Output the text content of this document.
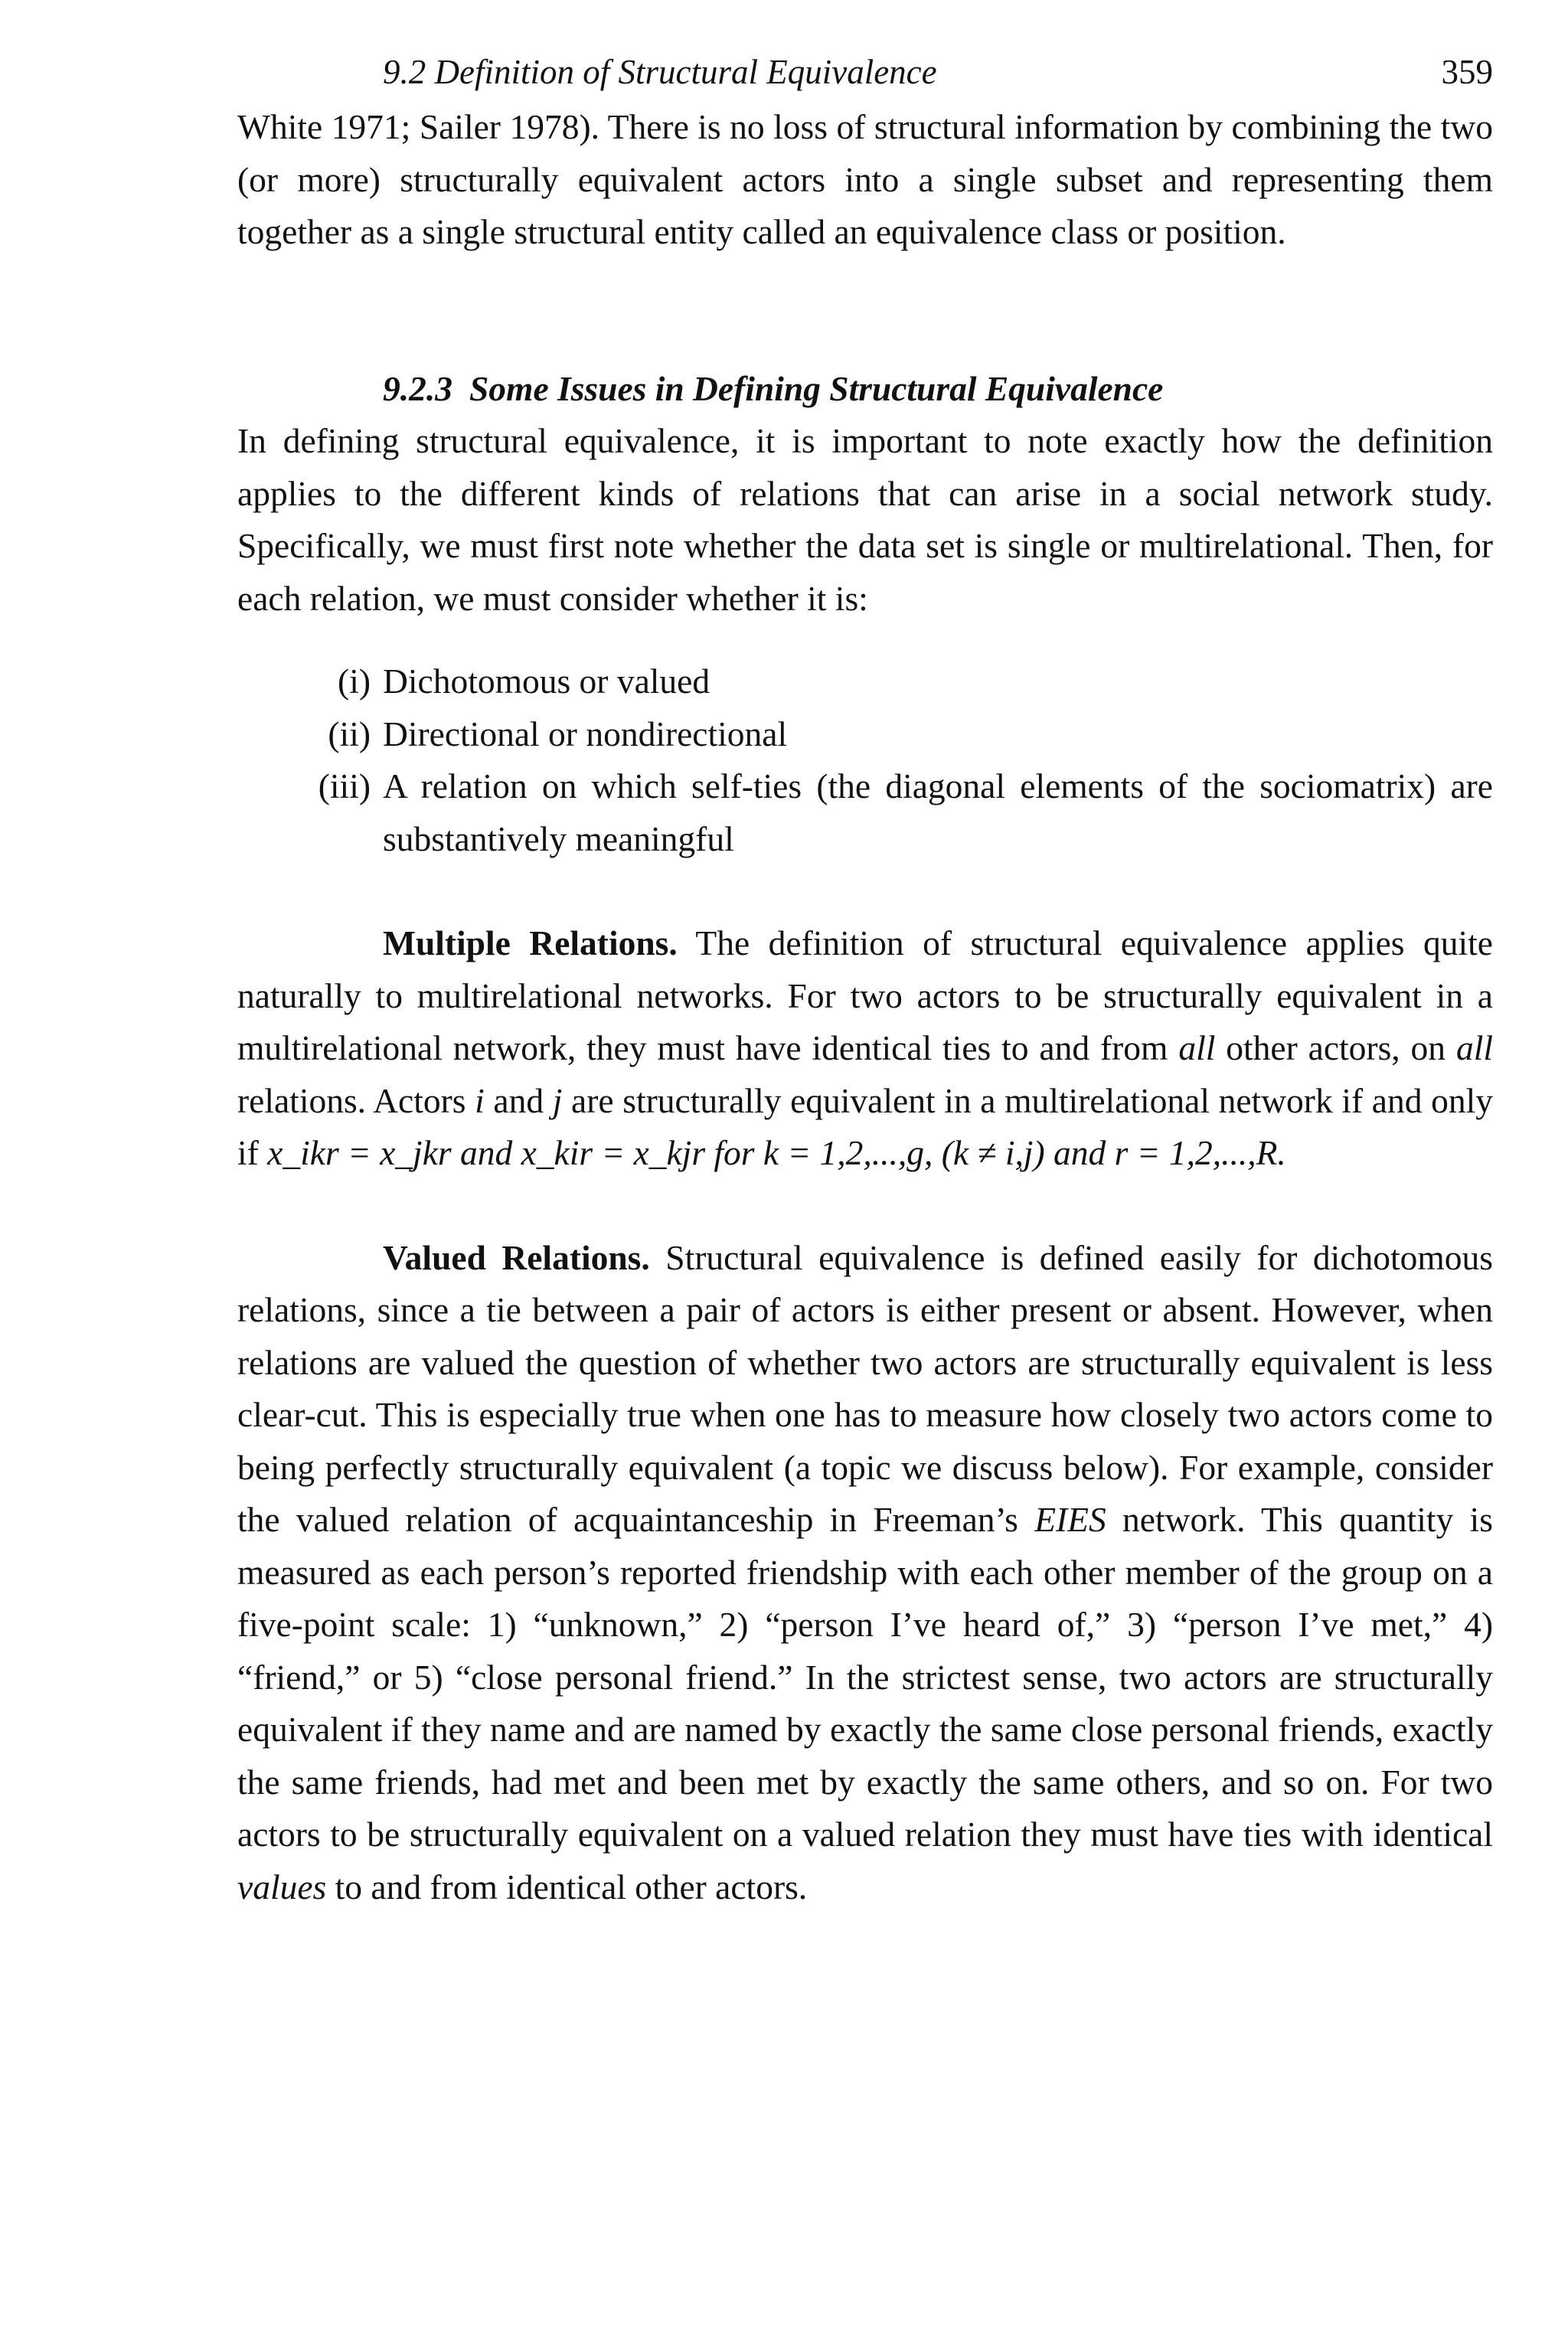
9.2 Definition of Structural Equivalence	359

White 1971; Sailer 1978). There is no loss of structural information by combining the two (or more) structurally equivalent actors into a single subset and representing them together as a single structural entity called an equivalence class or position.

9.2.3 Some Issues in Defining Structural Equivalence

In defining structural equivalence, it is important to note exactly how the definition applies to the different kinds of relations that can arise in a social network study. Specifically, we must first note whether the data set is single or multirelational. Then, for each relation, we must consider whether it is:

(i) Dichotomous or valued
(ii) Directional or nondirectional
(iii) A relation on which self-ties (the diagonal elements of the sociomatrix) are substantively meaningful

Multiple Relations. The definition of structural equivalence applies quite naturally to multirelational networks. For two actors to be structurally equivalent in a multirelational network, they must have identical ties to and from all other actors, on all relations. Actors i and j are structurally equivalent in a multirelational network if and only if x_ikr = x_jkr and x_kir = x_kjr for k = 1,2,...,g, (k ≠ i,j) and r = 1,2,...,R.

Valued Relations. Structural equivalence is defined easily for dichotomous relations, since a tie between a pair of actors is either present or absent. However, when relations are valued the question of whether two actors are structurally equivalent is less clear-cut. This is especially true when one has to measure how closely two actors come to being perfectly structurally equivalent (a topic we discuss below). For example, consider the valued relation of acquaintanceship in Freeman’s EIES network. This quantity is measured as each person’s reported friendship with each other member of the group on a five-point scale: 1) “unknown,” 2) “person I’ve heard of,” 3) “person I’ve met,” 4) “friend,” or 5) “close personal friend.” In the strictest sense, two actors are structurally equivalent if they name and are named by exactly the same close personal friends, exactly the same friends, had met and been met by exactly the same others, and so on. For two actors to be structurally equivalent on a valued relation they must have ties with identical values to and from identical other actors.
